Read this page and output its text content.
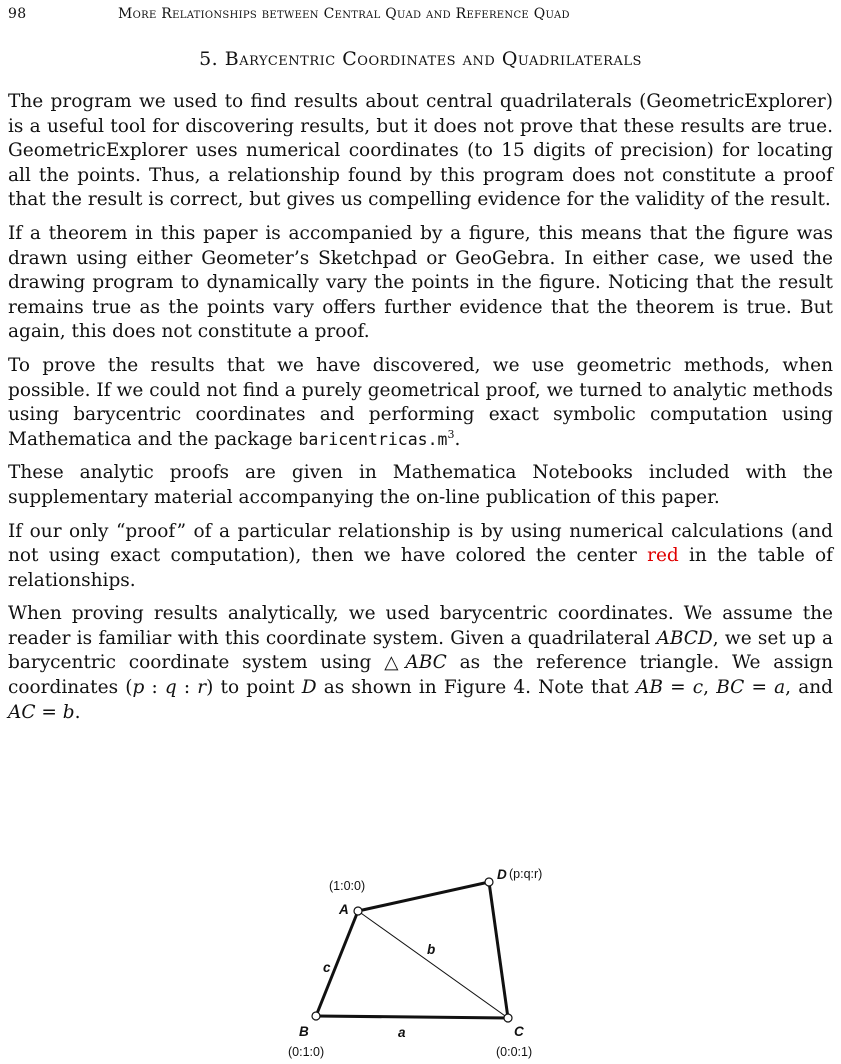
98	More Relationships between Central Quad and Reference Quad
5. Barycentric Coordinates and Quadrilaterals

The program we used to find results about central quadrilaterals (GeometricExplorer) is a useful tool for discovering results, but it does not prove that these results are true. GeometricExplorer uses numerical coordinates (to 15 digits of precision) for locating all the points. Thus, a relationship found by this program does not constitute a proof that the result is correct, but gives us compelling evidence for the validity of the result.

If a theorem in this paper is accompanied by a figure, this means that the figure was drawn using either Geometer’s Sketchpad or GeoGebra. In either case, we used the drawing program to dynamically vary the points in the figure. Noticing that the result remains true as the points vary offers further evidence that the theorem is true. But again, this does not constitute a proof.

To prove the results that we have discovered, we use geometric methods, when possible. If we could not find a purely geometrical proof, we turned to analytic methods using barycentric coordinates and performing exact symbolic computation using Mathematica and the package $baricentricas.m^3$.

These analytic proofs are given in Mathematica Notebooks included with the supplementary material accompanying the on-line publication of this paper.

If our only “proof” of a particular relationship is by using numerical calculations (and not using exact computation), then we have colored the center red in the table of relationships.

When proving results analytically, we used barycentric coordinates. We assume the reader is familiar with this coordinate system. Given a quadrilateral ABCD, we set up a barycentric coordinate system using △ABC as the reference triangle. We assign coordinates (p : q : r) to point D as shown in Figure 4. Note that AB = c, BC = a, and AC = b.

(1:0:0)
A
D (p:q:r)
B
(0:1:0)
C
(0:0:1)
a
b
c
